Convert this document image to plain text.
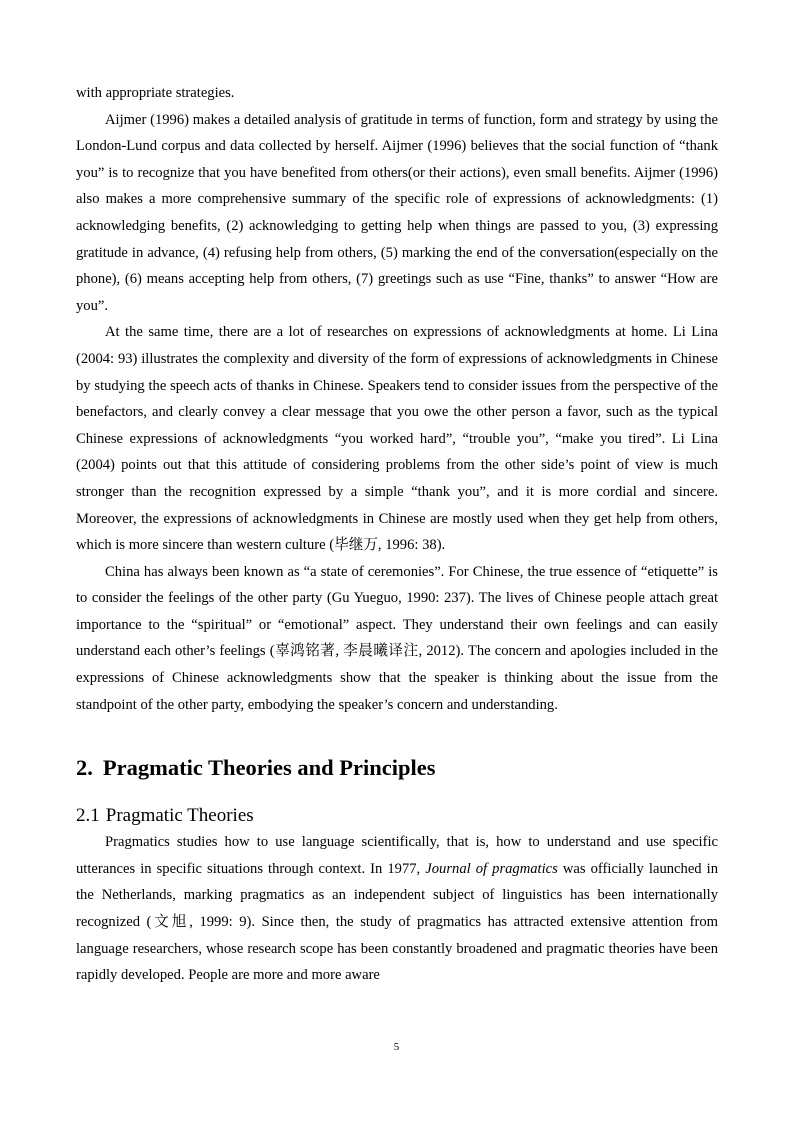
with appropriate strategies.

Aijmer (1996) makes a detailed analysis of gratitude in terms of function, form and strategy by using the London-Lund corpus and data collected by herself. Aijmer (1996) believes that the social function of “thank you” is to recognize that you have benefited from others(or their actions), even small benefits. Aijmer (1996) also makes a more comprehensive summary of the specific role of expressions of acknowledgments: (1) acknowledging benefits, (2) acknowledging to getting help when things are passed to you, (3) expressing gratitude in advance, (4) refusing help from others, (5) marking the end of the conversation(especially on the phone), (6) means accepting help from others, (7) greetings such as use “Fine, thanks” to answer “How are you”.

At the same time, there are a lot of researches on expressions of acknowledgments at home. Li Lina (2004: 93) illustrates the complexity and diversity of the form of expressions of acknowledgments in Chinese by studying the speech acts of thanks in Chinese. Speakers tend to consider issues from the perspective of the benefactors, and clearly convey a clear message that you owe the other person a favor, such as the typical Chinese expressions of acknowledgments “you worked hard”, “trouble you”, “make you tired”. Li Lina (2004) points out that this attitude of considering problems from the other side’s point of view is much stronger than the recognition expressed by a simple “thank you”, and it is more cordial and sincere. Moreover, the expressions of acknowledgments in Chinese are mostly used when they get help from others, which is more sincere than western culture (毕继万, 1996: 38).

China has always been known as “a state of ceremonies”. For Chinese, the true essence of “etiquette” is to consider the feelings of the other party (Gu Yueguo, 1990: 237). The lives of Chinese people attach great importance to the “spiritual” or “emotional” aspect. They understand their own feelings and can easily understand each other’s feelings (辜鸿铭著, 李晨曦译注, 2012). The concern and apologies included in the expressions of Chinese acknowledgments show that the speaker is thinking about the issue from the standpoint of the other party, embodying the speaker’s concern and understanding.

2. Pragmatic Theories and Principles
2.1 Pragmatic Theories

Pragmatics studies how to use language scientifically, that is, how to understand and use specific utterances in specific situations through context. In 1977, Journal of pragmatics was officially launched in the Netherlands, marking pragmatics as an independent subject of linguistics has been internationally recognized (文旭, 1999: 9). Since then, the study of pragmatics has attracted extensive attention from language researchers, whose research scope has been constantly broadened and pragmatic theories have been rapidly developed. People are more and more aware

5
